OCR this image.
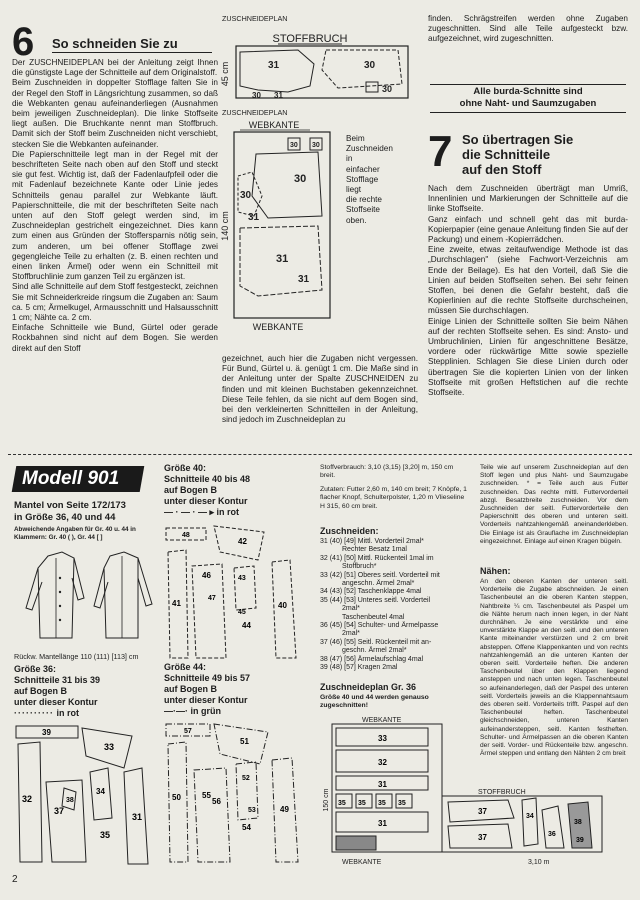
6 So schneiden Sie zu
Der ZUSCHNEIDEPLAN bei der Anleitung zeigt Ihnen die günstigste Lage der Schnitteile auf dem Originalstoff.
Beim Zuschneiden in doppelter Stofflage falten Sie in der Regel den Stoff in Längsrichtung zusammen, so daß die Webkanten genau aufeinanderliegen (Ausnahmen beim jeweiligen Zuschneideplan). Die linke Stoffseite liegt außen. Die Bruchkante nennt man Stoffbruch. Damit sich der Stoff beim Zuschneiden nicht verschiebt, stecken Sie die Webkanten aufeinander.
Die Papierschnitteile legt man in der Regel mit der beschrifteten Seite nach oben auf den Stoff und steckt sie gut fest. Wichtig ist, daß der Fadenlaufpfeil oder die mit Fadenlauf bezeichnete Kante oder Linie jedes Schnitteils genau parallel zur Webkante läuft. Papierschnitteile, die mit der beschrifteten Seite nach unten auf den Stoff gelegt werden sind, im Zuschneideplan gestrichelt eingezeichnet. Dies kann zum einen aus Gründen der Stoffersparnis nötig sein, zum anderen, um bei offener Stofflage zwei gegengleiche Teile zu erhalten (z. B. einen rechten und einen linken Ärmel) oder wenn ein Schnitteil mit Stoffbruchlinie zum ganzen Teil zu ergänzen ist.
Sind alle Schnitteile auf dem Stoff festgesteckt, zeichnen Sie mit Schneiderkreide ringsum die Zugaben an: Saum ca. 5 cm; Ärmelkugel, Armausschnitt und Halsausschnitt 1 cm; Nähte ca. 2 cm.
Einfache Schnitteile wie Bund, Gürtel oder gerade Rockbahnen sind nicht auf dem Bogen. Sie werden direkt auf den Stoff
ZUSCHNEIDEPLAN
STOFFBRUCH
45 cm	31	30
30
30 31
ZUSCHNEIDEPLAN
WEBKANTE
140 cm
30 30
30
30
31
31
31
WEBKANTE
Beim
Zuschneiden
in
einfacher
Stofflage
liegt
die rechte
Stoffseite
oben.
gezeichnet, auch hier die Zugaben nicht vergessen. Für Bund, Gürtel u. ä. genügt 1 cm. Die Maße sind in der Anleitung unter der Spalte ZUSCHNEIDEN zu finden und mit kleinen Buchstaben gekennzeichnet. Diese Teile fehlen, da sie nicht auf dem Bogen sind, bei den verkleinerten Schnitteilen in der Anleitung, sind jedoch im Zuschneideplan zu
finden. Schrägstreifen werden ohne Zugaben zugeschnitten. Sind alle Teile aufgesteckt bzw. aufgezeichnet, wird zugeschnitten.
Alle burda-Schnitte sind
ohne Naht- und Saumzugaben
7 So übertragen Sie
die Schnitteile
auf den Stoff
Nach dem Zuschneiden überträgt man Umriß, Innenlinien und Markierungen der Schnitteile auf die linke Stoffseite.
Ganz einfach und schnell geht das mit burda-Kopierpapier (eine genaue Anleitung finden Sie auf der Packung) und einem -Kopierrädchen.
Eine zweite, etwas zeitaufwendige Methode ist das „Durchschlagen" (siehe Fachwort-Verzeichnis am Ende der Beilage). Es hat den Vorteil, daß Sie die Linien auf beiden Stoffseiten sehen. Bei sehr feinen Stoffen, bei denen die Gefahr besteht, daß die Kopierlinien auf die rechte Stoffseite durchscheinen, müssen Sie durchschlagen.
Einige Linien der Schnitteile sollten Sie beim Nähen auf der rechten Stoffseite sehen. Es sind: Ansto- und Umbruchlinien, Linien für angeschnittene Besätze, vordere oder rückwärtige Mitte sowie spezielle Stepplinien. Schlagen Sie diese Linien durch oder übertragen Sie die kopierten Linien von der linken Stoffseite mit großen Heftstichen auf die rechte Stoffseite.
Modell 901
Mantel von Seite 172/173
in Größe 36, 40 und 44
Abweichende Angaben für Gr. 40 u. 44 in
Klammern: Gr. 40 ( ), Gr. 44 [ ]
Rückw. Mantellänge 110 (111) [113] cm
Größe 36:
Schnitteile 31 bis 39
auf Bogen B
unter dieser Kontur
·········· in rot
39
33
32
37
34
35
31
38
Größe 40:
Schnitteile 40 bis 48
auf Bogen B
unter dieser Kontur
— · — · — ▸ in rot
48
42
41
46
47
43
45
44
40
Größe 44:
Schnitteile 49 bis 57
auf Bogen B
unter dieser Kontur
—·—· in grün
57
51
50	55
56
52
54
53	49
Stoffverbrauch: 3,10 (3,15) [3,20] m, 150 cm breit.
Zutaten: Futter 2,60 m, 140 cm breit; 7 Knöpfe, 1 flacher Knopf, Schulterpolster, 1,20 m Vlieseline H 315, 60 cm breit.
Zuschneiden:
31 (40) [49] Mittl. Vorderteil 2mal*
Rechter Besatz 1mal
32 (41) [50] Mittl. Rückenteil 1mal im
Stoffbruch*
33 (42) [51] Oberes seitl. Vorderteil mit
angeschn. Ärmel 2mal*
34 (43) [52] Taschenklappe 4mal
35 (44) [53] Unteres seitl. Vorderteil
2mal*
Taschenbeutel 4mal
36 (45) [54] Schulter- und Ärmelpasse
2mal*
37 (46) [55] Seitl. Rückenteil mit an-
geschn. Ärmel 2mal*
38 (47) [56] Ärmelaufschlag 4mal
39 (48) [57] Kragen 2mal
Zuschneideplan Gr. 36
Größe 40 und 44 werden genauso zugeschnitten!
WEBKANTE
STOFFBRUCH
150 cm
33
32
31
35 35 35 35
31
37
37
34
36
38
39
3,10 m
WEBKANTE
Teile wie auf unserem Zuschneideplan auf den Stoff legen und plus Naht- und Saumzugabe zuschneiden. * = Teile auch aus Futter zuschneiden. Das rechte mittl. Futtervorderteil abzgl. Besatzbreite zuschneiden. Vor dem Zuschneiden der seitl. Futtervorderteile den Papierschnitt des oberen und unteren seitl. Vorderteils nahtzahlengemäß aneinanderkleben. Die Einlage ist als Grauflache im Zuschneideplan eingezeichnet. Einlage auf einen Kragen bügeln.
Nähen:
An den oberen Kanten der unteren seitl. Vorderteile die Zugabe abschneiden. Je einen Taschenbeutel an die oberen Kanten steppen, Nahtbreite ¼ cm. Taschenbeutel als Paspel um die Nähte herum nach innen legen, in der Naht durchnähen. Je eine verstärkte und eine unverstärkte Klappe an den seitl. und den unteren Kante miteinander verstürzen und 2 cm breit absteppen. Offene Klappenkanten und von rechts nahtzahlengemäß an die unteren Kanten der oberen seitl. Vorderteile heften. Die anderen Taschenbeutel über den Klappen liegend ansteppen und nach unten legen. Taschenbeutel so aufeinanderlegen, daß der Paspel des unteren seitl. Vorderteils jeweils an die Klappennahtsaum des oberen seitl. Vorderteils trifft. Paspel auf den Taschenbeutel heften. Taschenbeutel gleichschneiden, unteren Kanten aufeinandersteppen, seitl. Kanten festheften. Schulter- und Ärmelpassen an die oberen Kanten der seitl. Vorder- und Rückenteile bzw. angeschn. Ärmel steppen und entlang den Nähten 2 cm breit
2
